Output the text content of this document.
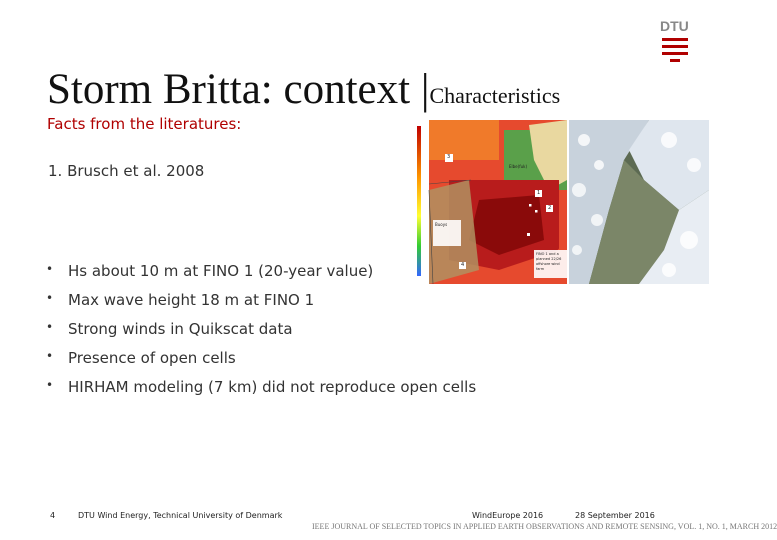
DTU
Storm Britta: context |Characteristics
Facts from the literatures:
1. Brusch et al. 2008
3
1
2
4
Elbe(fuk)
Buoys
FINO 1 and a planned 22/26 offshore wind farm
• Hs about 10 m at FINO 1 (20-year value)
• Max wave height 18 m at FINO 1
• Strong winds in Quikscat data
• Presence of open cells
• HIRHAM modeling (7 km) did not reproduce open cells
4	DTU Wind Energy, Technical University of Denmark	WindEurope 2016	28 September 2016
IEEE JOURNAL OF SELECTED TOPICS IN APPLIED EARTH OBSERVATIONS AND REMOTE SENSING, VOL. 1, NO. 1, MARCH 2012
